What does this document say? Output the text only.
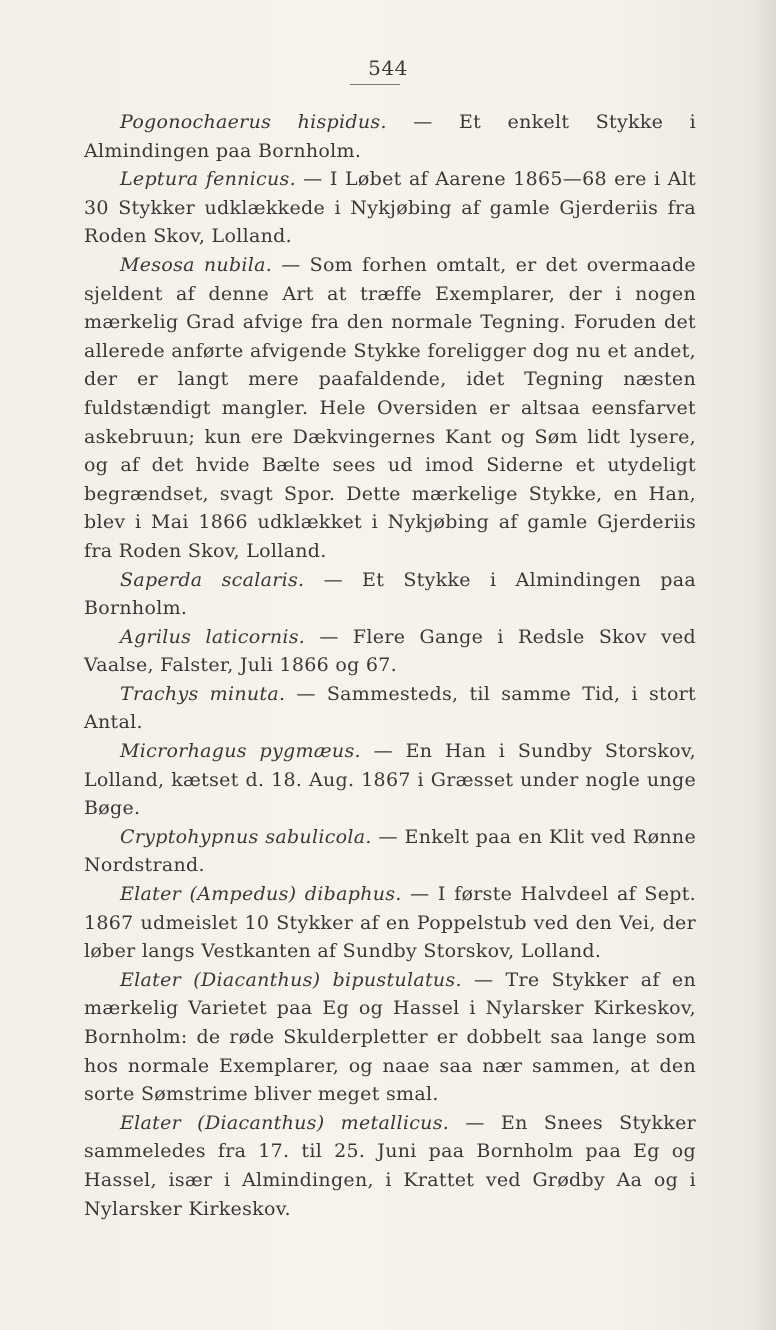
544

Pogonochaerus hispidus. — Et enkelt Stykke i Almindingen paa Bornholm.

Leptura fennicus. — I Løbet af Aarene 1865—68 ere i Alt 30 Stykker udklækkede i Nykjøbing af gamle Gjerderiis fra Roden Skov, Lolland.

Mesosa nubila. — Som forhen omtalt, er det overmaade sjeldent af denne Art at træffe Exemplarer, der i nogen mærkelig Grad afvige fra den normale Tegning. Foruden det allerede anførte afvigende Stykke foreligger dog nu et andet, der er langt mere paafaldende, idet Tegning næsten fuldstændigt mangler. Hele Oversiden er altsaa eensfarvet askebruun; kun ere Dækvingernes Kant og Søm lidt lysere, og af det hvide Bælte sees ud imod Siderne et utydeligt begrændset, svagt Spor. Dette mærkelige Stykke, en Han, blev i Mai 1866 udklækket i Nykjøbing af gamle Gjerderiis fra Roden Skov, Lolland.

Saperda scalaris. — Et Stykke i Almindingen paa Bornholm.

Agrilus laticornis. — Flere Gange i Redsle Skov ved Vaalse, Falster, Juli 1866 og 67.

Trachys minuta. — Sammesteds, til samme Tid, i stort Antal.

Microrhagus pygmæus. — En Han i Sundby Storskov, Lolland, kætset d. 18. Aug. 1867 i Græsset under nogle unge Bøge.

Cryptohypnus sabulicola. — Enkelt paa en Klit ved Rønne Nordstrand.

Elater (Ampedus) dibaphus. — I første Halvdeel af Sept. 1867 udmeislet 10 Stykker af en Poppelstub ved den Vei, der løber langs Vestkanten af Sundby Storskov, Lolland.

Elater (Diacanthus) bipustulatus. — Tre Stykker af en mærkelig Varietet paa Eg og Hassel i Nylarsker Kirkeskov, Bornholm: de røde Skulderpletter er dobbelt saa lange som hos normale Exemplarer, og naae saa nær sammen, at den sorte Sømstrime bliver meget smal.

Elater (Diacanthus) metallicus. — En Snees Stykker sammeledes fra 17. til 25. Juni paa Bornholm paa Eg og Hassel, især i Almindingen, i Krattet ved Grødby Aa og i Nylarsker Kirkeskov.
